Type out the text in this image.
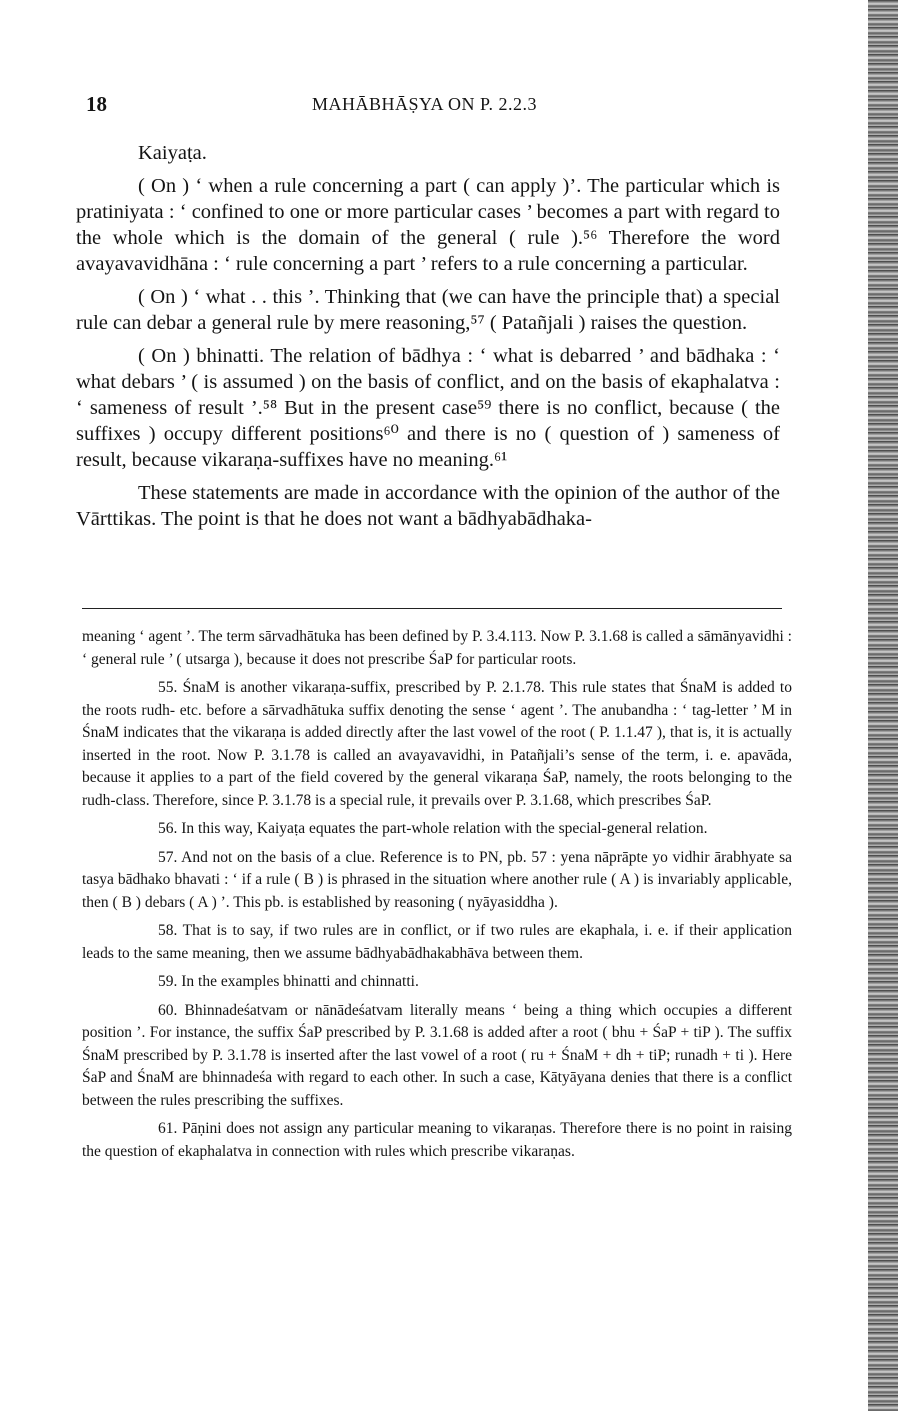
18	MAHĀBHĀṢYA ON P. 2.2.3

Kaiyaṭa.

( On ) ‘ when a rule concerning a part ( can apply )’. The particular which is pratiniyata : ‘ confined to one or more particular cases ’ becomes a part with regard to the whole which is the domain of the general ( rule ).⁵⁶ Therefore the word avayavavidhāna : ‘ rule concerning a part ’ refers to a rule concerning a particular.

( On ) ‘ what . . this ’. Thinking that (we can have the principle that) a special rule can debar a general rule by mere reasoning,⁵⁷ ( Patañjali ) raises the question.

( On ) bhinatti. The relation of bādhya : ‘ what is debarred ’ and bādhaka : ‘ what debars ’ ( is assumed ) on the basis of conflict, and on the basis of ekaphalatva : ‘ sameness of result ’.⁵⁸ But in the present case⁵⁹ there is no conflict, because ( the suffixes ) occupy different positions⁶⁰ and there is no ( question of ) sameness of result, because vikaraṇa-suffixes have no meaning.⁶¹

These statements are made in accordance with the opinion of the author of the Vārttikas. The point is that he does not want a bādhyabādhaka-

meaning ‘ agent ’. The term sārvadhātuka has been defined by P. 3.4.113. Now P. 3.1.68 is called a sāmānyavidhi : ‘ general rule ’ ( utsarga ), because it does not prescribe ŚaP for particular roots.

55. ŚnaM is another vikaraṇa-suffix, prescribed by P. 2.1.78. This rule states that ŚnaM is added to the roots rudh- etc. before a sārvadhātuka suffix denoting the sense ‘ agent ’. The anubandha : ‘ tag-letter ’ M in ŚnaM indicates that the vikaraṇa is added directly after the last vowel of the root ( P. 1.1.47 ), that is, it is actually inserted in the root. Now P. 3.1.78 is called an avayavavidhi, in Patañjali’s sense of the term, i. e. apavāda, because it applies to a part of the field covered by the general vikaraṇa ŚaP, namely, the roots belonging to the rudh-class. Therefore, since P. 3.1.78 is a special rule, it prevails over P. 3.1.68, which prescribes ŚaP.

56. In this way, Kaiyaṭa equates the part-whole relation with the special-general relation.

57. And not on the basis of a clue. Reference is to PN, pb. 57 : yena nāprāpte yo vidhir ārabhyate sa tasya bādhako bhavati : ‘ if a rule ( B ) is phrased in the situation where another rule ( A ) is invariably applicable, then ( B ) debars ( A ) ’. This pb. is established by reasoning ( nyāyasiddha ).

58. That is to say, if two rules are in conflict, or if two rules are ekaphala, i. e. if their application leads to the same meaning, then we assume bādhyabādhakabhāva between them.

59. In the examples bhinatti and chinnatti.

60. Bhinnadeśatvam or nānādeśatvam literally means ‘ being a thing which occupies a different position ’. For instance, the suffix ŚaP prescribed by P. 3.1.68 is added after a root ( bhu + ŚaP + tiP ). The suffix ŚnaM prescribed by P. 3.1.78 is inserted after the last vowel of a root ( ru + ŚnaM + dh + tiP; runadh + ti ). Here ŚaP and ŚnaM are bhinnadeśa with regard to each other. In such a case, Kātyāyana denies that there is a conflict between the rules prescribing the suffixes.

61. Pāṇini does not assign any particular meaning to vikaraṇas. Therefore there is no point in raising the question of ekaphalatva in connection with rules which prescribe vikaraṇas.
